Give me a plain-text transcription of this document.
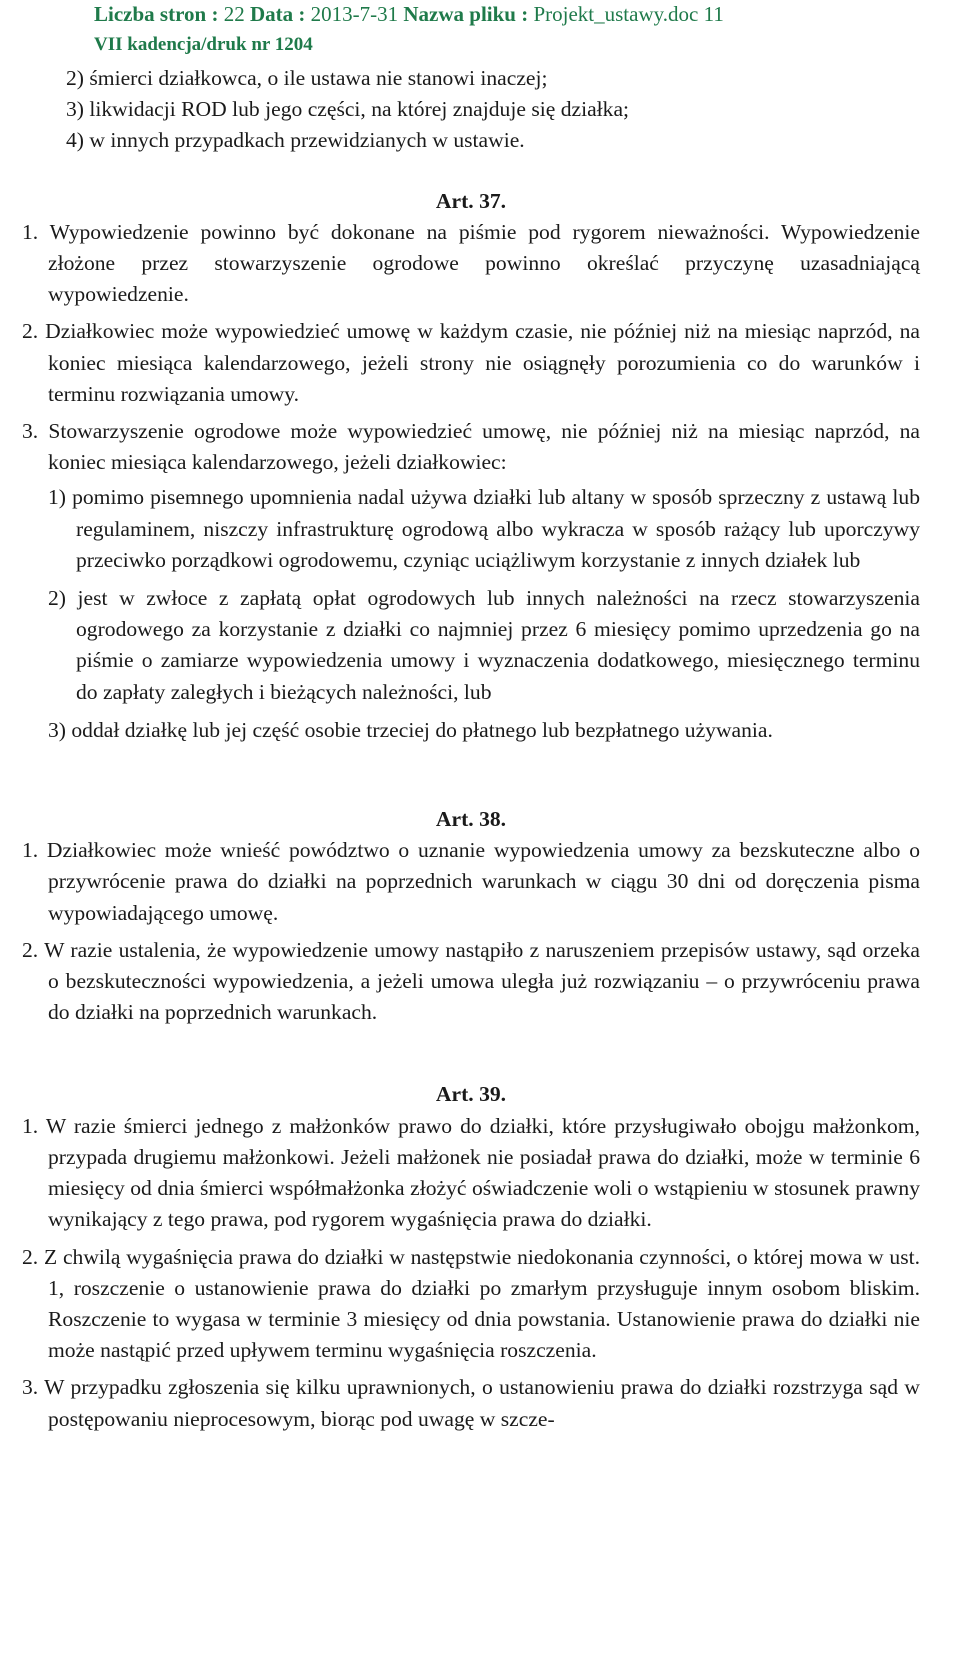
Liczba stron : 22 Data : 2013-7-31 Nazwa pliku : Projekt_ustawy.doc 11
VII kadencja/druk nr 1204
2) śmierci działkowca, o ile ustawa nie stanowi inaczej;
3) likwidacji ROD lub jego części, na której znajduje się działka;
4) w innych przypadkach przewidzianych w ustawie.

Art. 37.

1. Wypowiedzenie powinno być dokonane na piśmie pod rygorem nieważności. Wypowiedzenie złożone przez stowarzyszenie ogrodowe powinno określać przyczynę uzasadniającą wypowiedzenie.

2. Działkowiec może wypowiedzieć umowę w każdym czasie, nie później niż na miesiąc naprzód, na koniec miesiąca kalendarzowego, jeżeli strony nie osiągnęły porozumienia co do warunków i terminu rozwiązania umowy.

3. Stowarzyszenie ogrodowe może wypowiedzieć umowę, nie później niż na miesiąc naprzód, na koniec miesiąca kalendarzowego, jeżeli działkowiec:

1) pomimo pisemnego upomnienia nadal używa działki lub altany w sposób sprzeczny z ustawą lub regulaminem, niszczy infrastrukturę ogrodową albo wykracza w sposób rażący lub uporczywy przeciwko porządkowi ogrodowemu, czyniąc uciążliwym korzystanie z innych działek lub

2) jest w zwłoce z zapłatą opłat ogrodowych lub innych należności na rzecz stowarzyszenia ogrodowego za korzystanie z działki co najmniej przez 6 miesięcy pomimo uprzedzenia go na piśmie o zamiarze wypowiedzenia umowy i wyznaczenia dodatkowego, miesięcznego terminu do zapłaty zaległych i bieżących należności, lub

3) oddał działkę lub jej część osobie trzeciej do płatnego lub bezpłatnego używania.

Art. 38.

1. Działkowiec może wnieść powództwo o uznanie wypowiedzenia umowy za bezskuteczne albo o przywrócenie prawa do działki na poprzednich warunkach w ciągu 30 dni od doręczenia pisma wypowiadającego umowę.

2. W razie ustalenia, że wypowiedzenie umowy nastąpiło z naruszeniem przepisów ustawy, sąd orzeka o bezskuteczności wypowiedzenia, a jeżeli umowa uległa już rozwiązaniu – o przywróceniu prawa do działki na poprzednich warunkach.

Art. 39.

1. W razie śmierci jednego z małżonków prawo do działki, które przysługiwało obojgu małżonkom, przypada drugiemu małżonkowi. Jeżeli małżonek nie posiadał prawa do działki, może w terminie 6 miesięcy od dnia śmierci współmałżonka złożyć oświadczenie woli o wstąpieniu w stosunek prawny wynikający z tego prawa, pod rygorem wygaśnięcia prawa do działki.

2. Z chwilą wygaśnięcia prawa do działki w następstwie niedokonania czynności, o której mowa w ust. 1, roszczenie o ustanowienie prawa do działki po zmarłym przysługuje innym osobom bliskim. Roszczenie to wygasa w terminie 3 miesięcy od dnia powstania. Ustanowienie prawa do działki nie może nastąpić przed upływem terminu wygaśnięcia roszczenia.

3. W przypadku zgłoszenia się kilku uprawnionych, o ustanowieniu prawa do działki rozstrzyga sąd w postępowaniu nieprocesowym, biorąc pod uwagę w szcze-
